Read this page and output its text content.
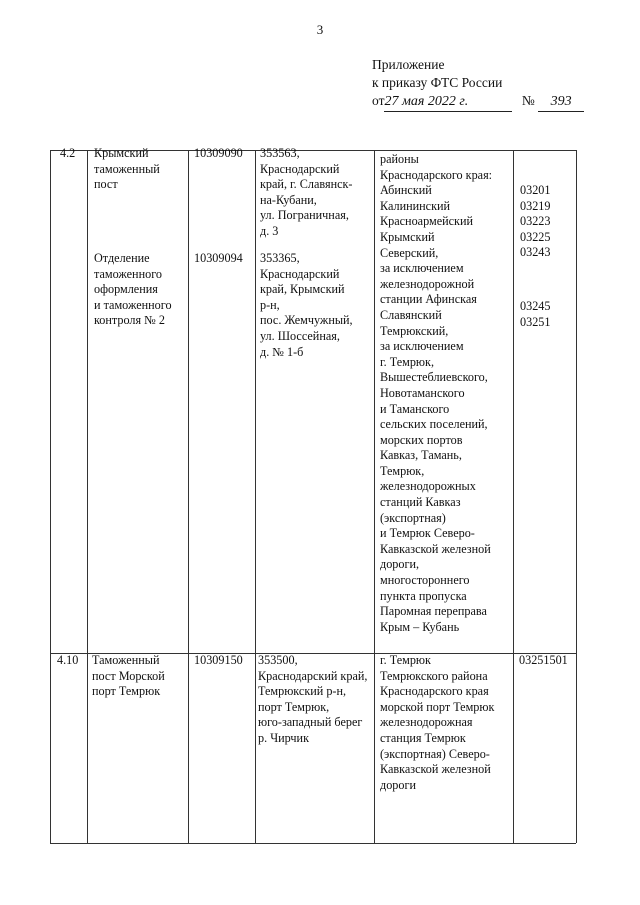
3
Приложение
к приказу ФТС России
от27 мая 2022 г.	№ 393
4.2 Крымский
таможенный
пост
10309090 353563,
Краснодарский
край, г. Славянск-
на-Кубани,
ул. Пограничная,
д. 3
Отделение
таможенного
оформления
и таможенного
контроля № 2
10309094 353365,
Краснодарский
край, Крымский
р-н,
пос. Жемчужный,
ул. Шоссейная,
д. № 1-б
районы
Краснодарского края:
Абинский
Калининский
Красноармейский
Крымский
Северский,
за исключением
железнодорожной
станции Афинская
Славянский
Темрюкский,
за исключением
г. Темрюк,
Вышестеблиевского,
Новотаманского
и Таманского
сельских поселений,
морских портов
Кавказ, Тамань,
Темрюк,
железнодорожных
станций Кавказ
(экспортная)
и Темрюк Северо-
Кавказской железной
дороги,
многостороннего
пункта пропуска
Паромная переправа
Крым – Кубань
03201
03219
03223
03225
03243
03245
03251
4.10 Таможенный
пост Морской
порт Темрюк
10309150 353500,
Краснодарский край,
Темрюкский р-н,
порт Темрюк,
юго-западный берег
р. Чирчик
г. Темрюк
Темрюкского района
Краснодарского края
морской порт Темрюк
железнодорожная
станция Темрюк
(экспортная) Северо-
Кавказской железной
дороги
03251501
